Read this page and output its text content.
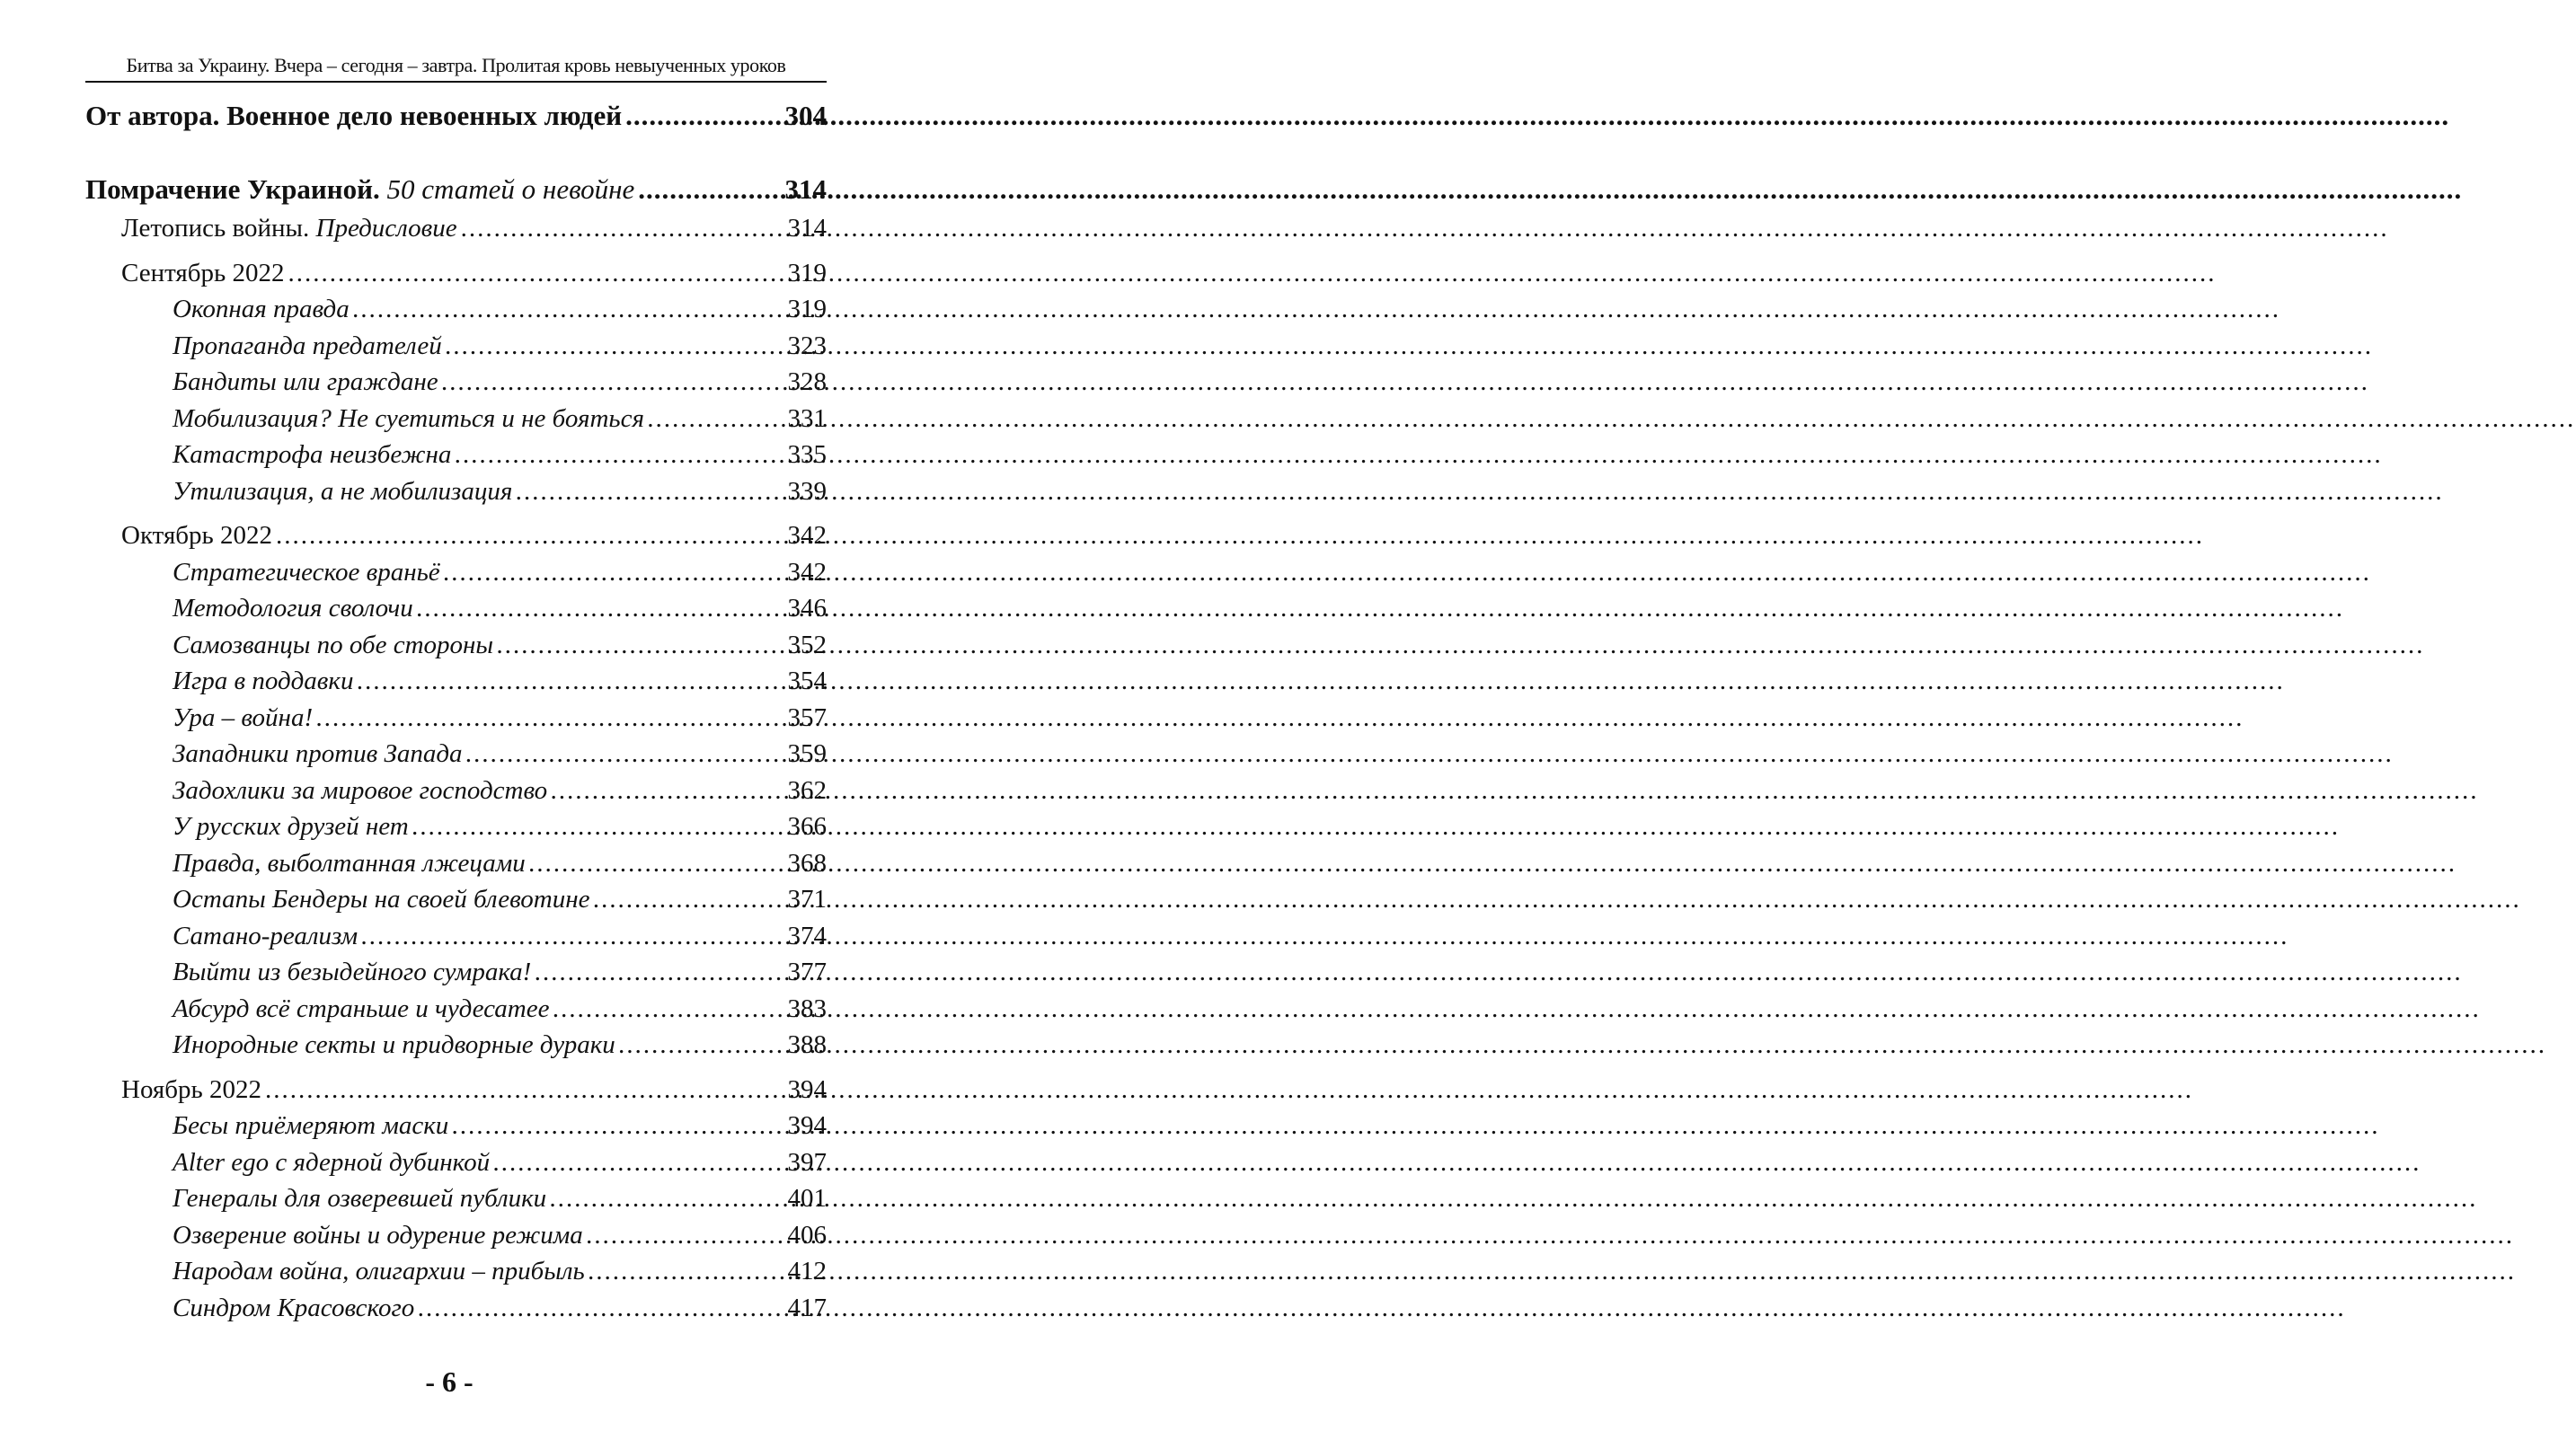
Битва за Украину. Вчера – сегодня – завтра. Пролитая кровь невыученных уроков
От автора. Военное дело невоенных людей .....	304
Помрачение Украиной. 50 статей о невойне .....	314
Летопись войны. Предисловие .....	314
Сентябрь 2022 .....	319
Окопная правда .....	319
Пропаганда предателей .....	323
Бандиты или граждане .....	328
Мобилизация? Не суетиться и не бояться .....	331
Катастрофа неизбежна .....	335
Утилизация, а не мобилизация .....	339
Октябрь 2022 .....	342
Стратегическое враньё .....	342
Методология сволочи .....	346
Самозванцы по обе стороны .....	352
Игра в поддавки .....	354
Ура – война! .....	357
Западники против Запада .....	359
Задохлики за мировое господство .....	362
У русских друзей нет .....	366
Правда, выболтанная лжецами .....	368
Остапы Бендеры на своей блевотине .....	371
Сатано-реализм .....	374
Выйти из безыдейного сумрака! .....	377
Абсурд всё страньше и чудесатее .....	383
Инородные секты и придворные дураки .....	388
Ноябрь 2022 .....	394
Бесы приёмеряют маски .....	394
Alter ego с ядерной дубинкой .....	397
Генералы для озверевшей публики .....	401
Озверение войны и одурение режима .....	406
Народам война, олигархии – прибыль .....	412
Синдром Красовского .....	417
- 6 -
